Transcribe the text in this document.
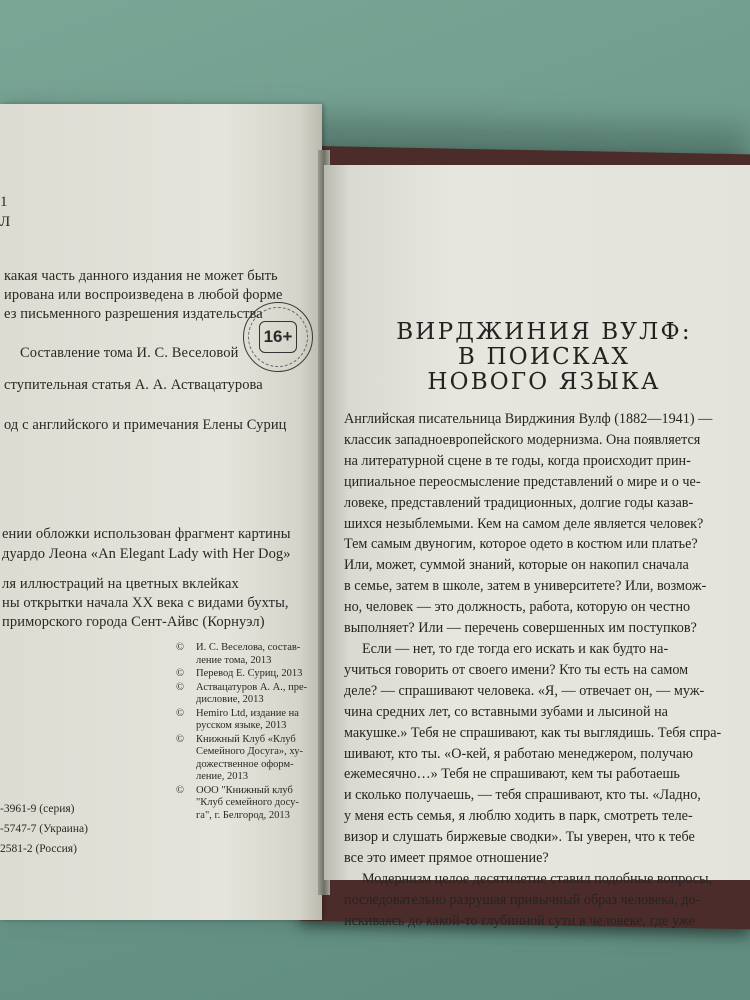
1
Л
16+
какая часть данного издания не может быть
ирована или воспроизведена в любой форме
ез письменного разрешения издательства
Составление тома И. С. Веселовой
ступительная статья А. А. Аствацатурова
од с английского и примечания Елены Суриц
ении обложки использован фрагмент картины
дуардо Леона «An Elegant Lady with Her Dog»
ля иллюстраций на цветных вклейках
ны открытки начала XX века с видами бухты,
приморского города Сент-Айвс (Корнуэл)
©	И. С. Веселова, состав-
ление тома, 2013
©	Перевод Е. Суриц, 2013
©	Аствацатуров А. А., пре-
дисловие, 2013
©	Hemiro Ltd, издание на
русском языке, 2013
©	Книжный Клуб «Клуб
Семейного Досуга», ху-
дожественное оформ-
ление, 2013
©	ООО "Книжный клуб
"Клуб семейного досу-
га", г. Белгород, 2013
-3961-9 (серия)
-5747-7 (Украина)
2581-2 (Россия)
ВИРДЖИНИЯ ВУЛФ:
В ПОИСКАХ
НОВОГО ЯЗЫКА

Английская писательница Вирджиния Вулф (1882—1941) —
классик западноевропейского модернизма. Она появляется
на литературной сцене в те годы, когда происходит прин-
ципиальное переосмысление представлений о мире и о че-
ловеке, представлений традиционных, долгие годы казав-
шихся незыблемыми. Кем на самом деле является человек?
Тем самым двуногим, которое одето в костюм или платье?
Или, может, суммой знаний, которые он накопил сначала
в семье, затем в школе, затем в университете? Или, возмож-
но, человек — это должность, работа, которую он честно
выполняет? Или — перечень совершенных им поступков?

Если — нет, то где тогда его искать и как будто на-
учиться говорить от своего имени? Кто ты есть на самом
деле? — спрашивают человека. «Я, — отвечает он, — муж-
чина средних лет, со вставными зубами и лысиной на
макушке.» Тебя не спрашивают, как ты выглядишь. Тебя спра-
шивают, кто ты. «О-кей, я работаю менеджером, получаю
ежемесячно…» Тебя не спрашивают, кем ты работаешь
и сколько получаешь, — тебя спрашивают, кто ты. «Ладно,
у меня есть семья, я люблю ходить в парк, смотреть теле-
визор и слушать биржевые сводки». Ты уверен, что к тебе
все это имеет прямое отношение?

Модернизм целое десятилетие ставил подобные вопросы,
последовательно разрушая привычный образ человека, до-
искиваясь до какой-то глубинной сути в человеке, где уже
